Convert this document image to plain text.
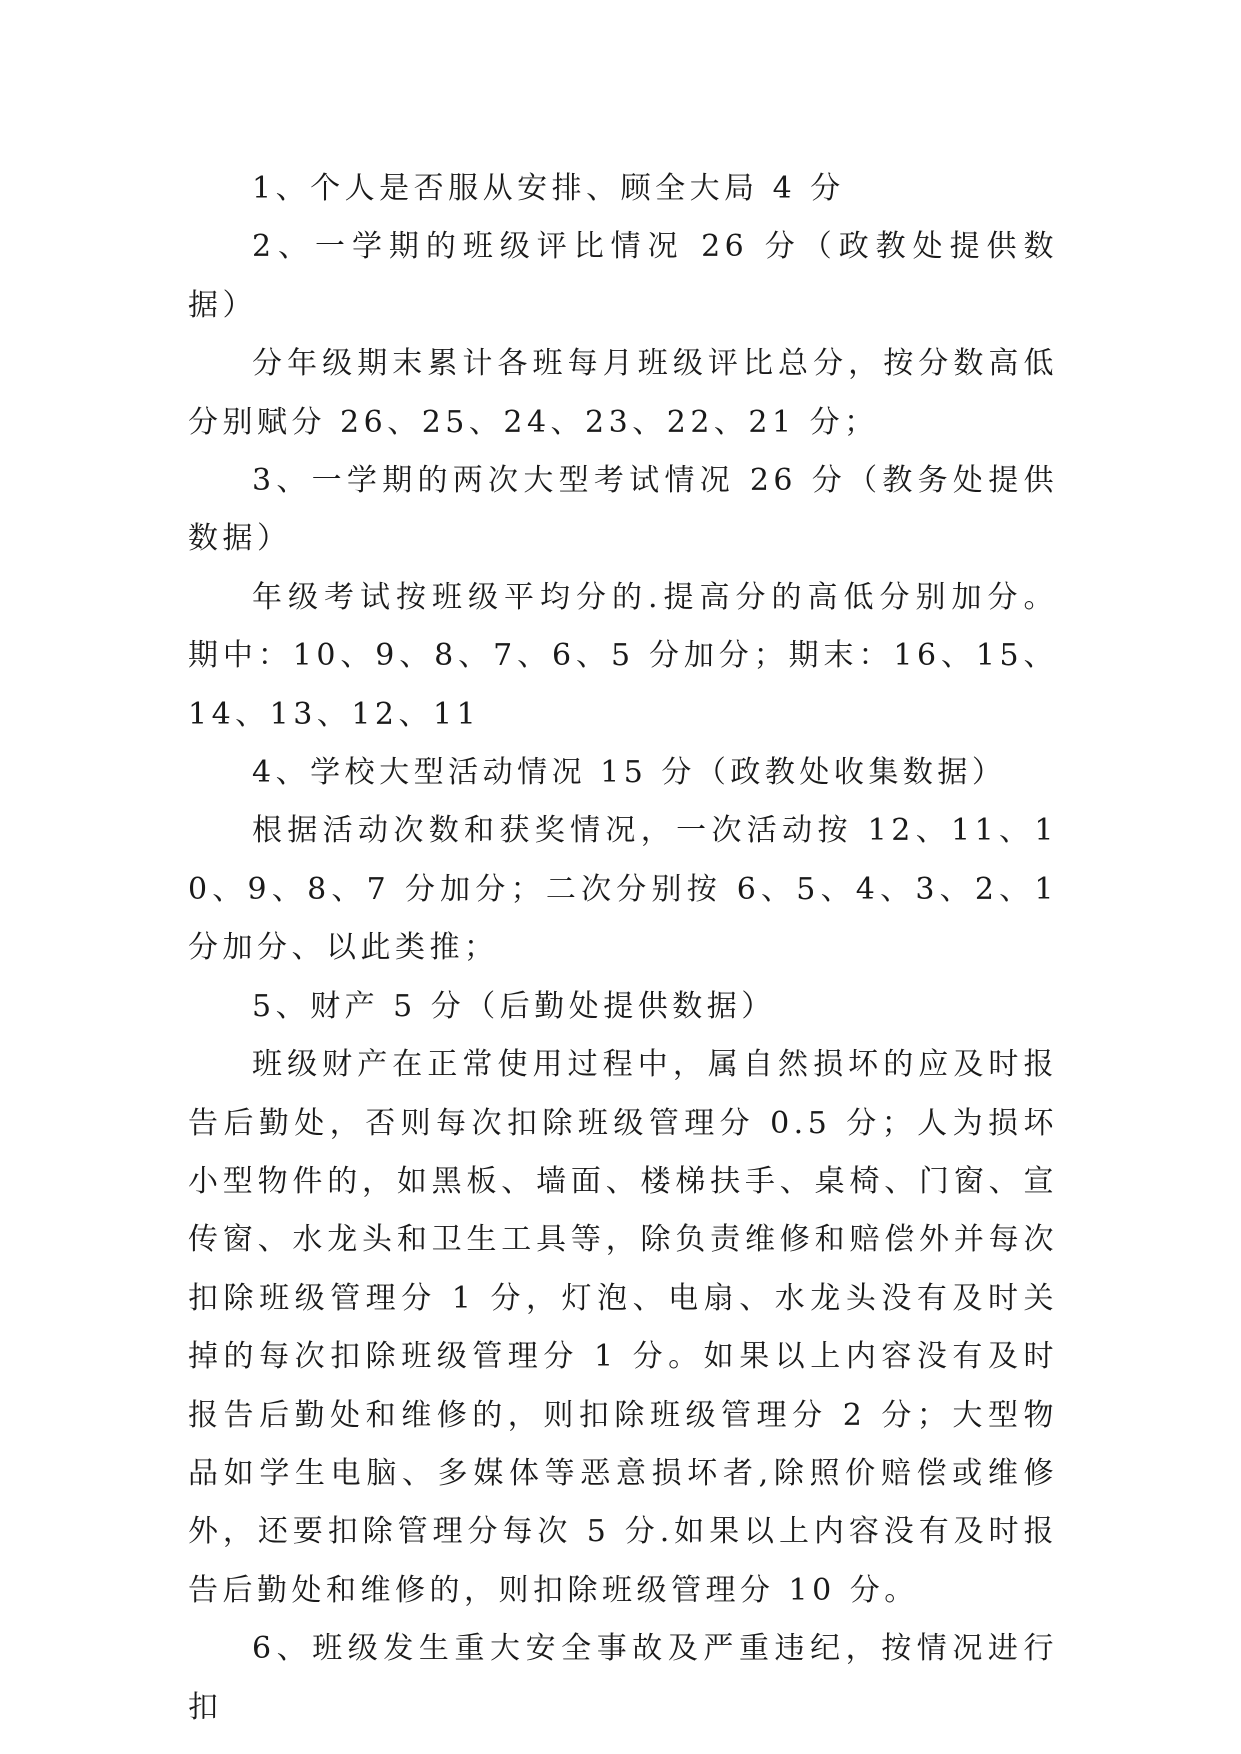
1、个人是否服从安排、顾全大局 4 分

2、一学期的班级评比情况 26 分（政教处提供数据）

分年级期末累计各班每月班级评比总分，按分数高低分别赋分 26、25、24、23、22、21 分；

3、一学期的两次大型考试情况 26 分（教务处提供数据）

年级考试按班级平均分的.提高分的高低分别加分。期中：10、9、8、7、6、5 分加分；期末：16、15、14、13、12、11

4、学校大型活动情况 15 分（政教处收集数据）

根据活动次数和获奖情况，一次活动按 12、11、10、9、8、7 分加分；二次分别按 6、5、4、3、2、1 分加分、以此类推；

5、财产 5 分（后勤处提供数据）

班级财产在正常使用过程中，属自然损坏的应及时报告后勤处，否则每次扣除班级管理分 0.5 分；人为损坏小型物件的，如黑板、墙面、楼梯扶手、桌椅、门窗、宣传窗、水龙头和卫生工具等，除负责维修和赔偿外并每次扣除班级管理分 1 分，灯泡、电扇、水龙头没有及时关掉的每次扣除班级管理分 1 分。如果以上内容没有及时报告后勤处和维修的，则扣除班级管理分 2 分；大型物品如学生电脑、多媒体等恶意损坏者,除照价赔偿或维修外，还要扣除管理分每次 5 分.如果以上内容没有及时报告后勤处和维修的，则扣除班级管理分 10 分。

6、班级发生重大安全事故及严重违纪，按情况进行扣
